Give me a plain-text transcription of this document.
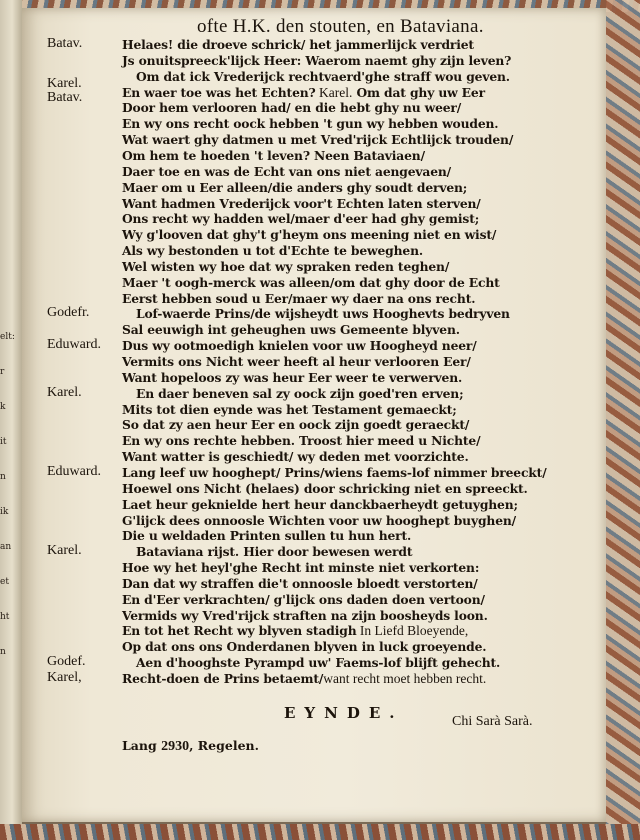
elt:
r
k
it
n
ik
an
et
ht
n
ofte H.K. den stouten, en Bataviana.
Batav.
Karel.
Batav.
Godefr.
Eduward.
Karel.
Eduward.
Karel.
Godef.
Karel,
Helaes! die droeve schrick/ het jammerlijck verdriet
Js onuitspreeck'lijck Heer: Waerom naemt ghy zijn leven?
Om dat ick Vrederijck rechtvaerd'ghe straff wou geven.
En waer toe was het Echten? Karel. Om dat ghy uw Eer
Door hem verlooren had/ en die hebt ghy nu weer/
En wy ons recht oock hebben 't gun wy hebben wouden.
Wat waert ghy datmen u met Vred'rijck Echtlijck trouden/
Om hem te hoeden 't leven? Neen Bataviaen/
Daer toe en was de Echt van ons niet aengevaen/
Maer om u Eer alleen/die anders ghy soudt derven;
Want hadmen Vrederijck voor't Echten laten sterven/
Ons recht wy hadden wel/maer d'eer had ghy gemist;
Wy g'looven dat ghy't g'heym ons meening niet en wist/
Als wy bestonden u tot d'Echte te beweghen.
Wel wisten wy hoe dat wy spraken reden teghen/
Maer 't oogh-merck was alleen/om dat ghy door de Echt
Eerst hebben soud u Eer/maer wy daer na ons recht.
Lof-waerde Prins/de wijsheydt uws Hooghevts bedryven
Sal eeuwigh int geheughen uws Gemeente blyven.
Dus wy ootmoedigh knielen voor uw Hoogheyd neer/
Vermits ons Nicht weer heeft al heur verlooren Eer/
Want hopeloos zy was heur Eer weer te verwerven.
En daer beneven sal zy oock zijn goed'ren erven;
Mits tot dien eynde was het Testament gemaeckt;
So dat zy aen heur Eer en oock zijn goedt geraeckt/
En wy ons rechte hebben. Troost hier meed u Nichte/
Want watter is geschiedt/ wy deden met voorzichte.
Lang leef uw hooghept/ Prins/wiens faems-lof nimmer breeckt/
Hoewel ons Nicht (helaes) door schricking niet en spreeckt.
Laet heur geknielde hert heur danckbaerheydt getuyghen;
G'lijck dees onnoosle Wichten voor uw hooghept buyghen/
Die u weldaden Printen sullen tu hun hert.
Bataviana rijst. Hier door bewesen werdt
Hoe wy het heyl'ghe Recht int minste niet verkorten:
Dan dat wy straffen die't onnoosle bloedt verstorten/
En d'Eer verkrachten/ g'lijck ons daden doen vertoon/
Vermids wy Vred'rijck straften na zijn boosheyds loon.
En tot het Recht wy blyven stadigh In Liefd Bloeyende,
Op dat ons ons Onderdanen blyven in luck groeyende.
Aen d'hooghste Pyrampd uw' Faems-lof blijft gehecht.
Recht-doen de Prins betaemt/want recht moet hebben recht.
EYNDE.	Chi Sarà Sarà.
Lang 2930, Regelen.
